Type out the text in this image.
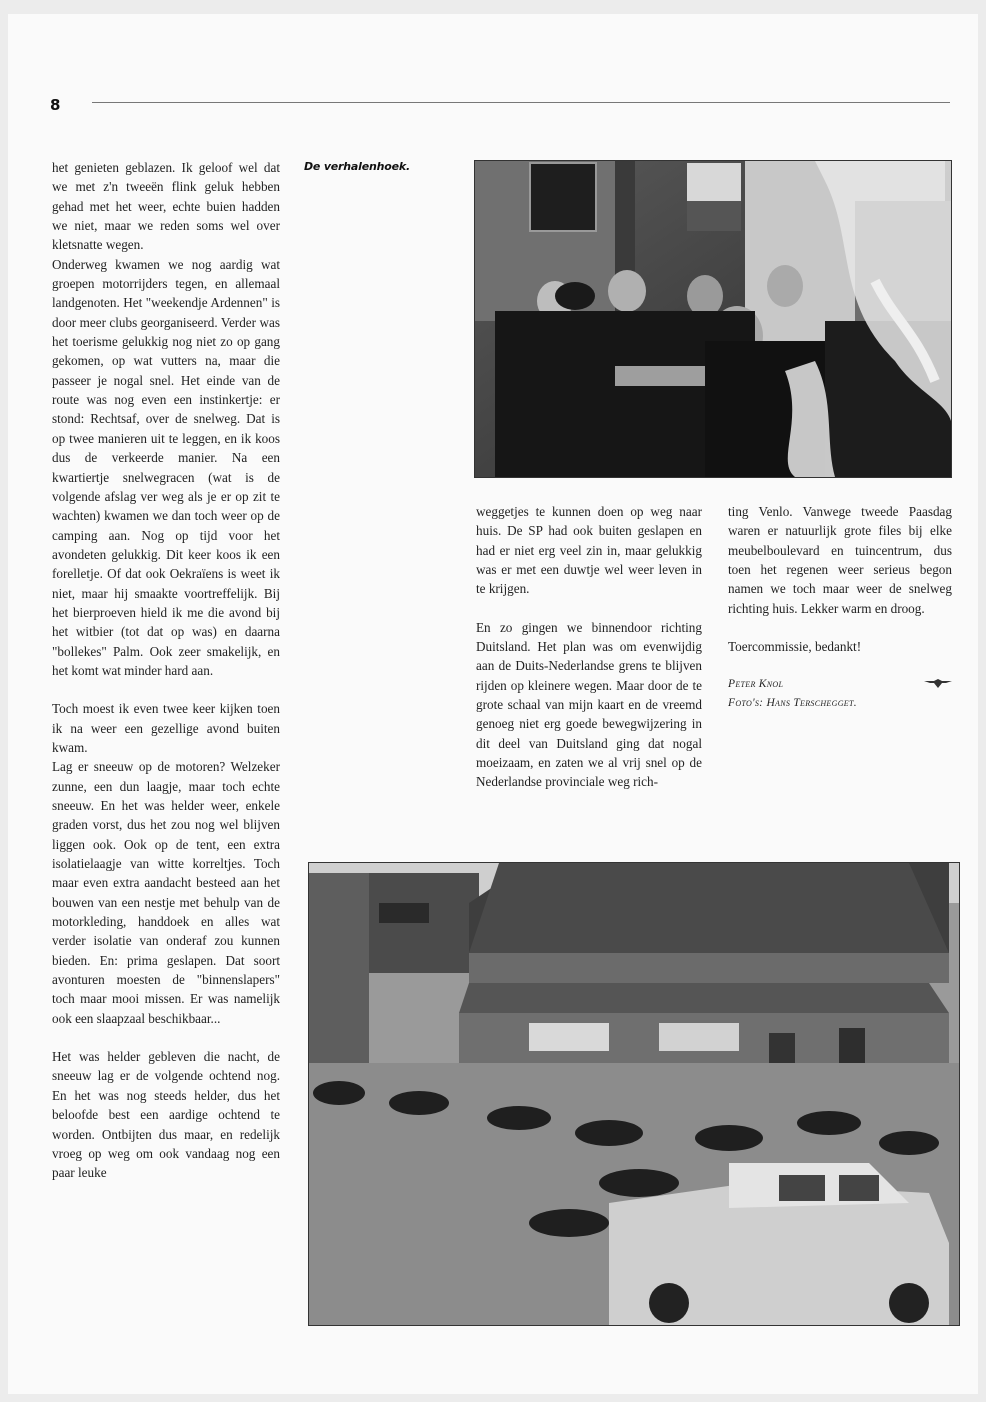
8

het genieten geblazen. Ik geloof wel dat we met z'n tweeën flink geluk hebben gehad met het weer, echte buien hadden we niet, maar we reden soms wel over kletsnatte wegen.

Onderweg kwamen we nog aardig wat groepen motorrijders tegen, en allemaal landgenoten. Het "weekendje Ardennen" is door meer clubs georganiseerd. Verder was het toerisme gelukkig nog niet zo op gang gekomen, op wat vutters na, maar die passeer je nogal snel. Het einde van de route was nog even een instinkertje: er stond: Rechtsaf, over de snelweg. Dat is op twee manieren uit te leggen, en ik koos dus de verkeerde manier. Na een kwartiertje snelwegracen (wat is de volgende afslag ver weg als je er op zit te wachten) kwamen we dan toch weer op de camping aan. Nog op tijd voor het avondeten gelukkig. Dit keer koos ik een forelletje. Of dat ook Oekraïens is weet ik niet, maar hij smaakte voortreffelijk. Bij het bierproeven hield ik me die avond bij het witbier (tot dat op was) en daarna "bollekes" Palm. Ook zeer smakelijk, en het komt wat minder hard aan.

Toch moest ik even twee keer kijken toen ik na weer een gezellige avond buiten kwam.

Lag er sneeuw op de motoren? Welzeker zunne, een dun laagje, maar toch echte sneeuw. En het was helder weer, enkele graden vorst, dus het zou nog wel blijven liggen ook. Ook op de tent, een extra isolatielaagje van witte korreltjes. Toch maar even extra aandacht besteed aan het bouwen van een nestje met behulp van de motorkleding, handdoek en alles wat verder isolatie van onderaf zou kunnen bieden. En: prima geslapen. Dat soort avonturen moesten de "binnenslapers" toch maar mooi missen. Er was namelijk ook een slaapzaal beschikbaar...

Het was helder gebleven die nacht, de sneeuw lag er de volgende ochtend nog. En het was nog steeds helder, dus het beloofde best een aardige ochtend te worden. Ontbijten dus maar, en redelijk vroeg op weg om ook vandaag nog een paar leuke

De verhalenhoek.

weggetjes te kunnen doen op weg naar huis. De SP had ook buiten geslapen en had er niet erg veel zin in, maar gelukkig was er met een duwtje wel weer leven in te krijgen.

En zo gingen we binnendoor richting Duitsland. Het plan was om evenwijdig aan de Duits-Nederlandse grens te blijven rijden op kleinere wegen. Maar door de te grote schaal van mijn kaart en de vreemd genoeg niet erg goede bewegwijzering in dit deel van Duitsland ging dat nogal moeizaam, en zaten we al vrij snel op de Nederlandse provinciale weg rich-

ting Venlo. Vanwege tweede Paasdag waren er natuurlijk grote files bij elke meubelboulevard en tuincentrum, dus toen het regenen weer serieus begon namen we toch maar weer de snelweg richting huis. Lekker warm en droog.

Toercommissie, bedankt!

Peter Knol
Foto's: Hans Terschegget.
